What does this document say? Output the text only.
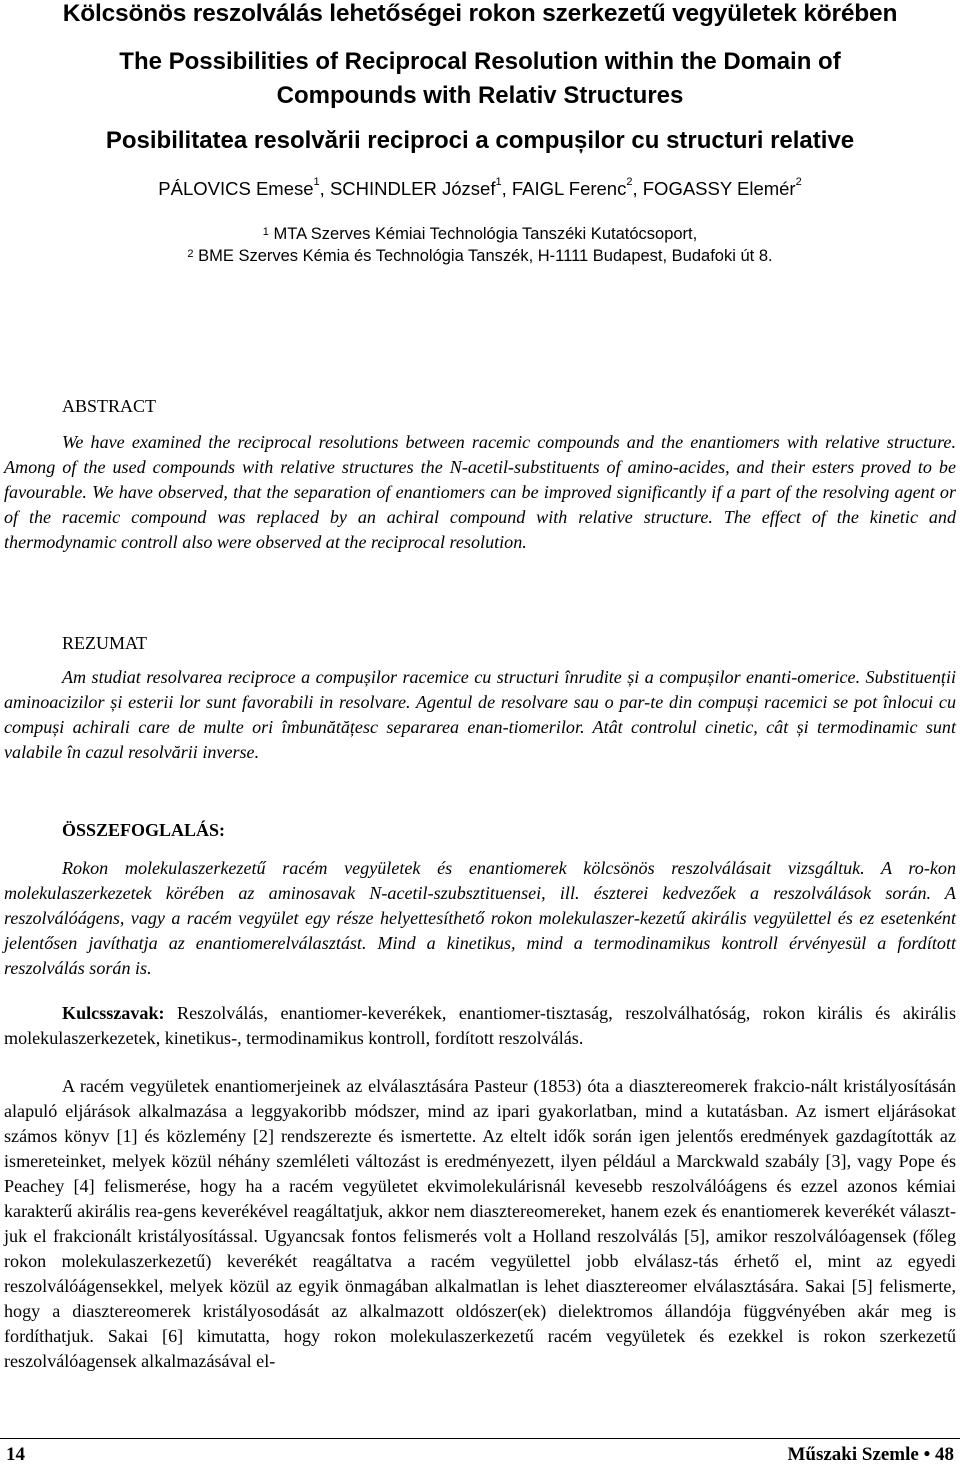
Kölcsönös reszolválás lehetőségei rokon szerkezetű vegyületek körében
The Possibilities of Reciprocal Resolution within the Domain of
Compounds with Relativ Structures
Posibilitatea resolvării reciproci a compușilor cu structuri relative
PÁLOVICS Emese$^1$, SCHINDLER József$^1$, FAIGL Ferenc$^2$, FOGASSY Elemér$^2$
$^1$ MTA Szerves Kémiai Technológia Tanszéki Kutatócsoport,
$^2$ BME Szerves Kémia és Technológia Tanszék, H-1111 Budapest, Budafoki út 8.
ABSTRACT
We have examined the reciprocal resolutions between racemic compounds and the enantiomers with relative structure. Among of the used compounds with relative structures the N-acetil-substituents of amino-acides, and their esters proved to be favourable. We have observed, that the separation of enantiomers can be improved significantly if a part of the resolving agent or of the racemic compound was replaced by an achiral compound with relative structure. The effect of the kinetic and thermodynamic controll also were observed at the reciprocal resolution.
REZUMAT
Am studiat resolvarea reciproce a compușilor racemice cu structuri înrudite și a compușilor enanti-omerice. Substituenții aminoacizilor și esterii lor sunt favorabili in resolvare. Agentul de resolvare sau o par-te din compuși racemici se pot înlocui cu compuși achirali care de multe ori îmbunătățesc separarea enan-tiomerilor. Atât controlul cinetic, cât și termodinamic sunt valabile în cazul resolvării inverse.
ÖSSZEFOGLALÁS:
Rokon molekulaszerkezetű racém vegyületek és enantiomerek kölcsönös reszolválásait vizsgáltuk. A ro-kon molekulaszerkezetek körében az aminosavak N-acetil-szubsztituensei, ill. észterei kedvezőek a reszolválások során. A reszolválóágens, vagy a racém vegyület egy része helyettesíthető rokon molekulaszer-kezetű akirális vegyülettel és ez esetenként jelentősen javíthatja az enantiomerelválasztást. Mind a kinetikus, mind a termodinamikus kontroll érvényesül a fordított reszolválás során is.
Kulcsszavak: Reszolválás, enantiomer-keverékek, enantiomer-tisztaság, reszolválhatóság, rokon királis és akirális molekulaszerkezetek, kinetikus-, termodinamikus kontroll, fordított reszolválás.
A racém vegyületek enantiomerjeinek az elválasztására Pasteur (1853) óta a diasztereomerek frakcio-nált kristályosításán alapuló eljárások alkalmazása a leggyakoribb módszer, mind az ipari gyakorlatban, mind a kutatásban. Az ismert eljárásokat számos könyv [1] és közlemény [2] rendszerezte és ismertette. Az eltelt idők során igen jelentős eredmények gazdagították az ismereteinket, melyek közül néhány szemléleti változást is eredményezett, ilyen például a Marckwald szabály [3], vagy Pope és Peachey [4] felismerése, hogy ha a racém vegyületet ekvimolekulárisnál kevesebb reszolválóágens és ezzel azonos kémiai karakterű akirális rea-gens keverékével reagáltatjuk, akkor nem diasztereomereket, hanem ezek és enantiomerek keverékét választ-juk el frakcionált kristályosítással. Ugyancsak fontos felismerés volt a Holland reszolválás [5], amikor reszolválóagensek (főleg rokon molekulaszerkezetű) keverékét reagáltatva a racém vegyülettel jobb elválasz-tás érhető el, mint az egyedi reszolválóágensekkel, melyek közül az egyik önmagában alkalmatlan is lehet diasztereomer elválasztására. Sakai [5] felismerte, hogy a diasztereomerek kristályosodását az alkalmazott oldószer(ek) dielektromos állandója függvényében akár meg is fordíthatjuk. Sakai [6] kimutatta, hogy rokon molekulaszerkezetű racém vegyületek és ezekkel is rokon szerkezetű reszolválóagensek alkalmazásával el-
14	Műszaki Szemle • 48
